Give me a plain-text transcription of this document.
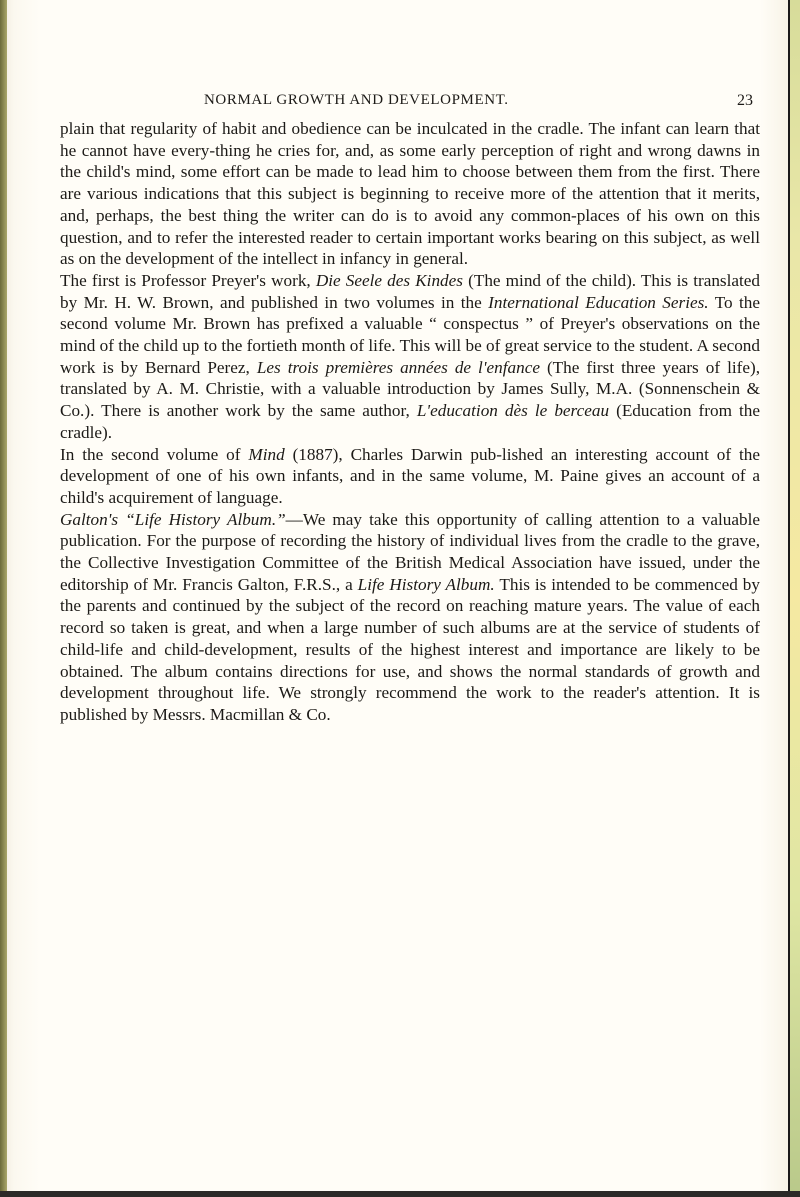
NORMAL GROWTH AND DEVELOPMENT.	23

plain that regularity of habit and obedience can be inculcated in the cradle. The infant can learn that he cannot have every-thing he cries for, and, as some early perception of right and wrong dawns in the child's mind, some effort can be made to lead him to choose between them from the first. There are various indications that this subject is beginning to receive more of the attention that it merits, and, perhaps, the best thing the writer can do is to avoid any common-places of his own on this question, and to refer the interested reader to certain important works bearing on this subject, as well as on the development of the intellect in infancy in general.

The first is Professor Preyer's work, Die Seele des Kindes (The mind of the child). This is translated by Mr. H. W. Brown, and published in two volumes in the International Education Series. To the second volume Mr. Brown has prefixed a valuable “ conspectus ” of Preyer's observations on the mind of the child up to the fortieth month of life. This will be of great service to the student. A second work is by Bernard Perez, Les trois premières années de l'enfance (The first three years of life), translated by A. M. Christie, with a valuable introduction by James Sully, M.A. (Sonnenschein & Co.). There is another work by the same author, L'education dès le berceau (Education from the cradle).

In the second volume of Mind (1887), Charles Darwin pub-lished an interesting account of the development of one of his own infants, and in the same volume, M. Paine gives an account of a child's acquirement of language.

Galton's “Life History Album.”—We may take this opportunity of calling attention to a valuable publication. For the purpose of recording the history of individual lives from the cradle to the grave, the Collective Investigation Committee of the British Medical Association have issued, under the editorship of Mr. Francis Galton, F.R.S., a Life History Album. This is intended to be commenced by the parents and continued by the subject of the record on reaching mature years. The value of each record so taken is great, and when a large number of such albums are at the service of students of child-life and child-development, results of the highest interest and importance are likely to be obtained. The album contains directions for use, and shows the normal standards of growth and development throughout life. We strongly recommend the work to the reader's attention. It is published by Messrs. Macmillan & Co.
